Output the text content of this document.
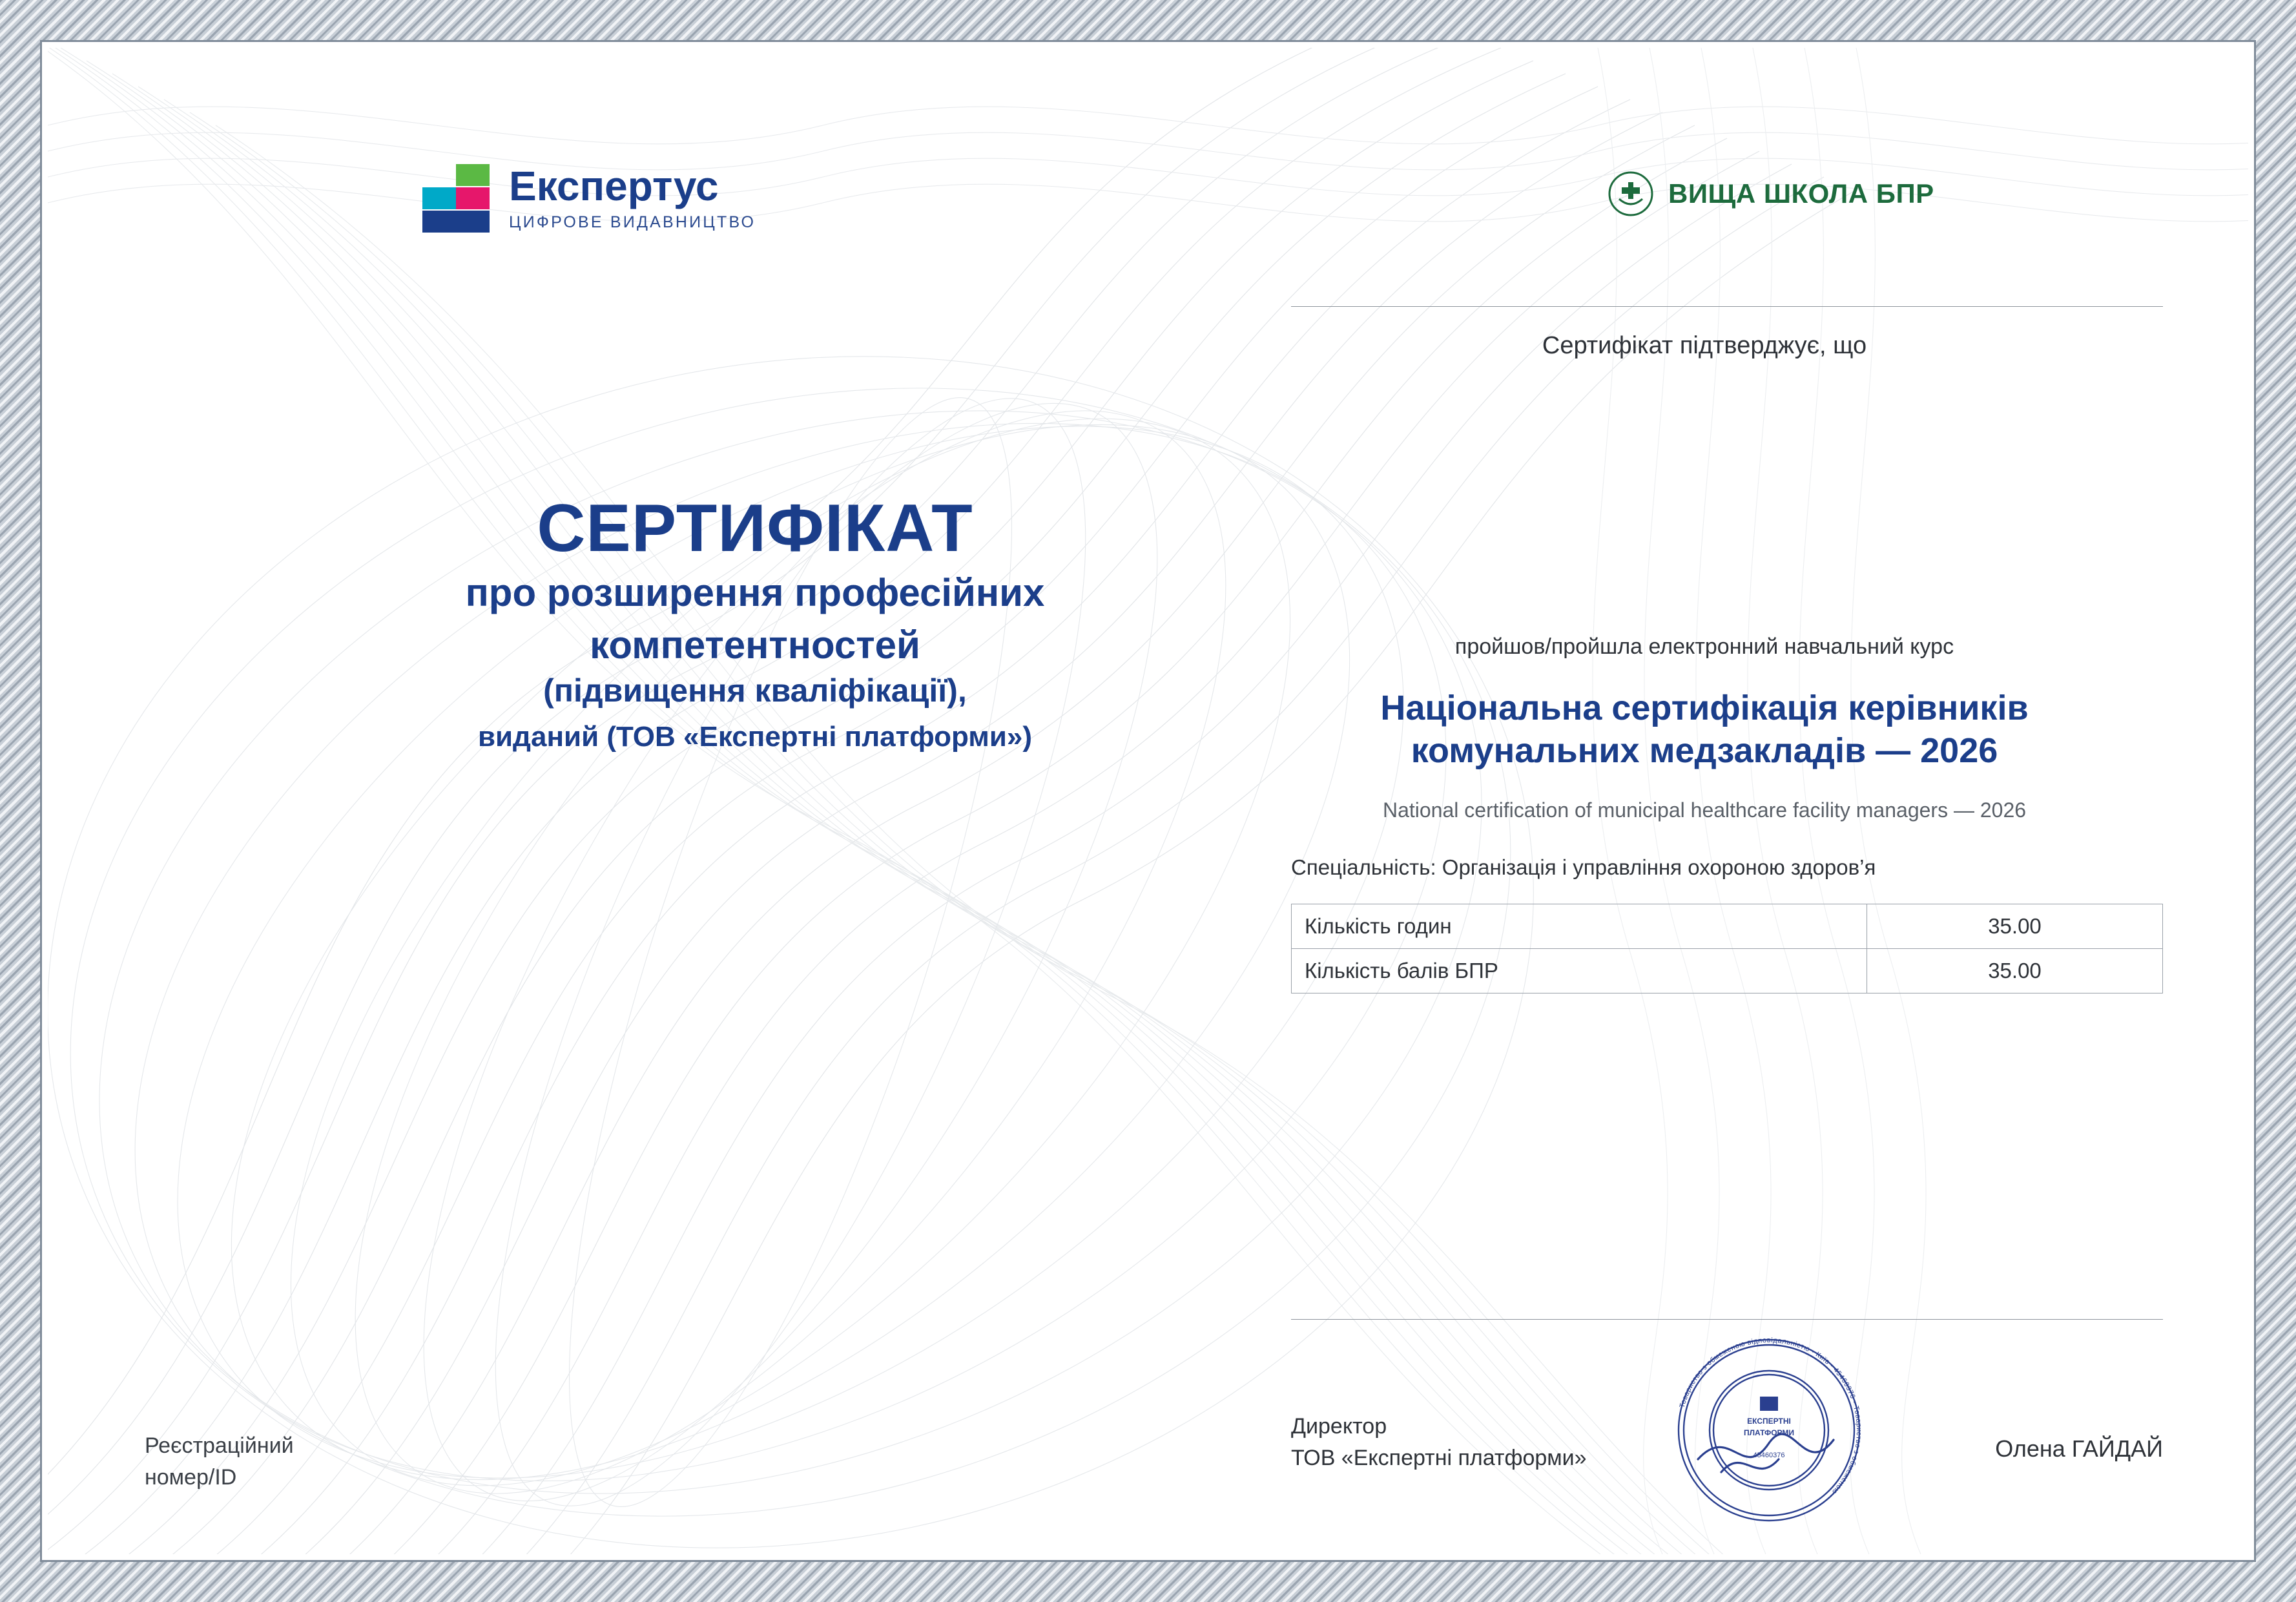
Експертус
ЦИФРОВЕ ВИДАВНИЦТВО
СЕРТИФІКАТ
про розширення професійних
компетентностей
(підвищення кваліфікації),
виданий (ТОВ «Експертні платформи»)
Реєстраційний
номер/ID
ВИЩА ШКОЛА БПР
Сертифікат підтверджує, що
пройшов/пройшла електронний навчальний курс
Національна сертифікація керівників
комунальних медзакладів — 2026
National certification of municipal healthcare facility managers — 2026
Спеціальність: Організація і управління охороною здоров’я
Кількість годин	35.00
Кількість балів БПР	35.00
Директор
ТОВ «Експертні платформи»
Товариство з обмеженою відповідальністю • Київ • 45460376 • Товариство з обмеженою
ЕКСПЕРТНІ
ПЛАТФОРМИ
45460376	Олена ГАЙДАЙ
